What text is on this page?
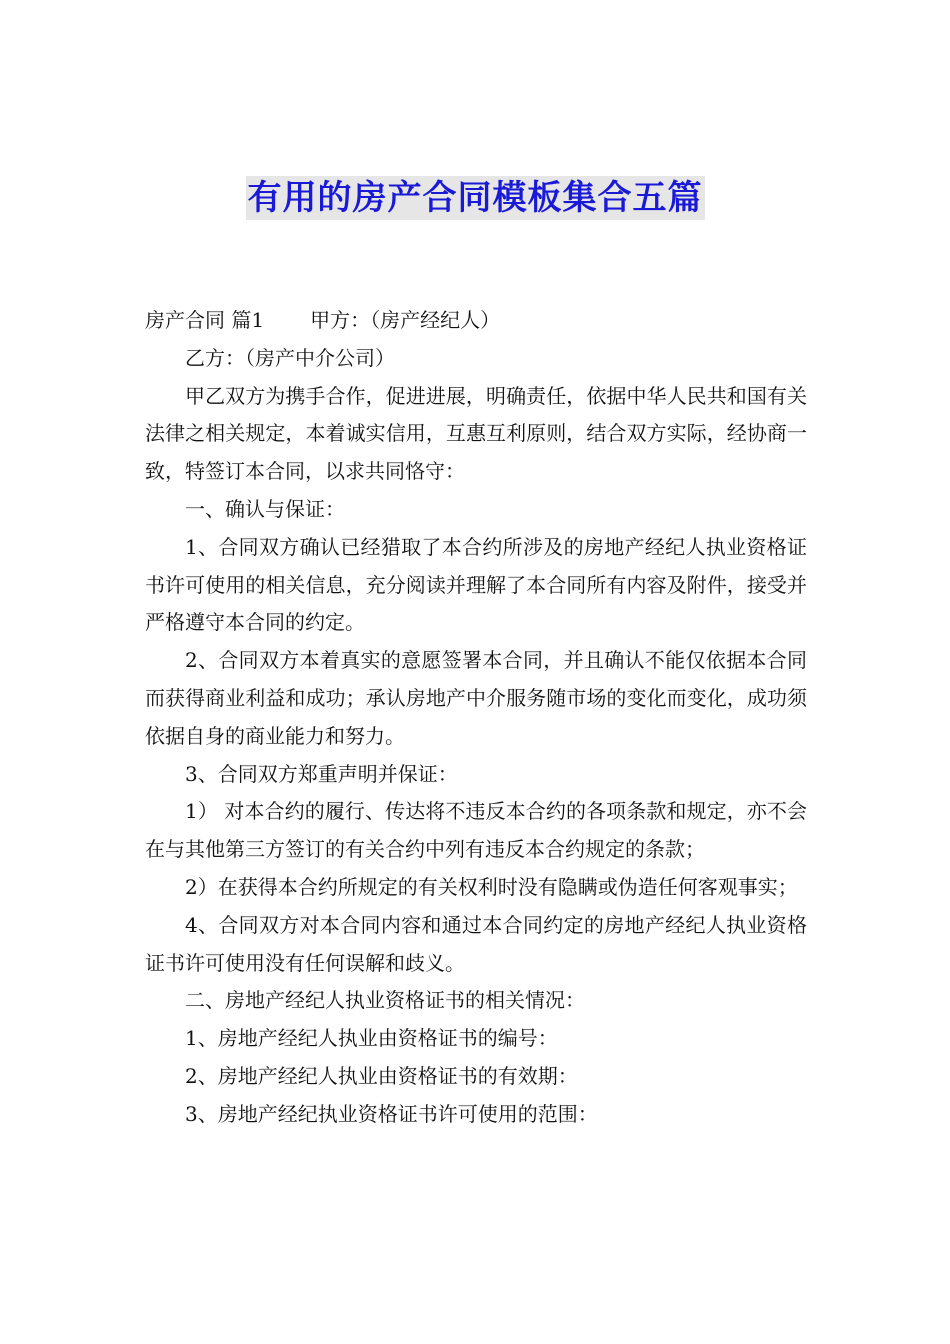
有用的房产合同模板集合五篇

房产合同 篇1 甲方：（房产经纪人）

乙方：（房产中介公司）

甲乙双方为携手合作，促进进展，明确责任，依据中华人民共和国有关法律之相关规定，本着诚实信用，互惠互利原则，结合双方实际，经协商一致，特签订本合同，以求共同恪守：

一、确认与保证：

1、合同双方确认已经猎取了本合约所涉及的房地产经纪人执业资格证书许可使用的相关信息，充分阅读并理解了本合同所有内容及附件，接受并严格遵守本合同的约定。

2、合同双方本着真实的意愿签署本合同，并且确认不能仅依据本合同而获得商业利益和成功；承认房地产中介服务随市场的变化而变化，成功须依据自身的商业能力和努力。

3、合同双方郑重声明并保证：

1） 对本合约的履行、传达将不违反本合约的各项条款和规定，亦不会在与其他第三方签订的有关合约中列有违反本合约规定的条款；

2）在获得本合约所规定的有关权利时没有隐瞒或伪造任何客观事实；

4、合同双方对本合同内容和通过本合同约定的房地产经纪人执业资格证书许可使用没有任何误解和歧义。

二、房地产经纪人执业资格证书的相关情况：

1、房地产经纪人执业由资格证书的编号：

2、房地产经纪人执业由资格证书的有效期：

3、房地产经纪执业资格证书许可使用的范围：
